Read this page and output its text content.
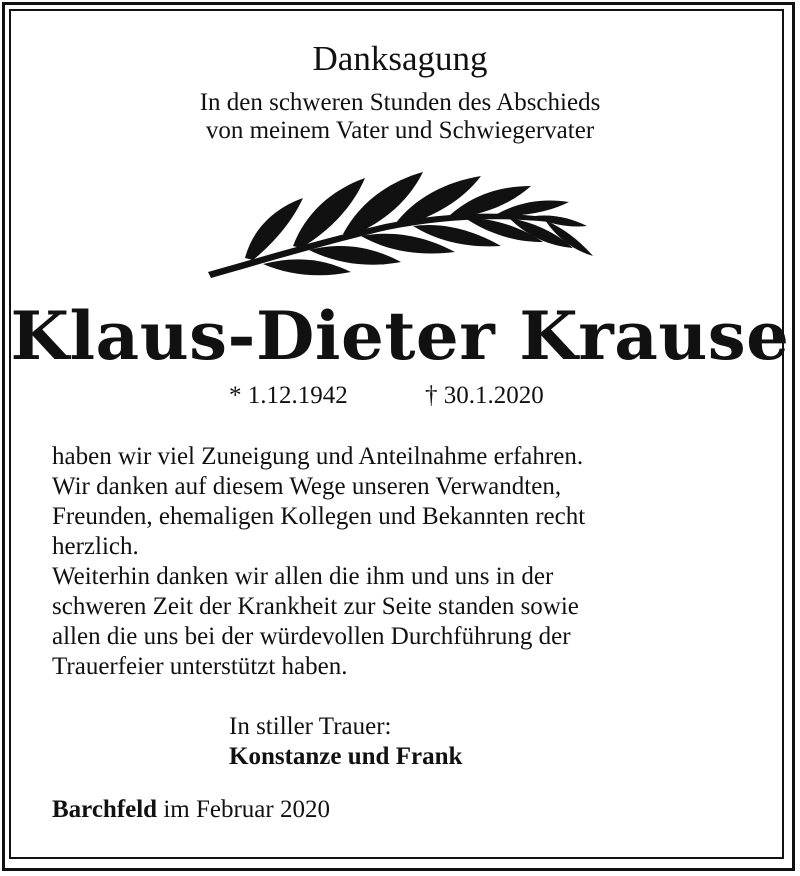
Danksagung
In den schweren Stunden des Abschieds
von meinem Vater und Schwiegervater
Klaus-Dieter Krause
* 1.12.1942	† 30.1.2020
haben wir viel Zuneigung und Anteilnahme erfahren.
Wir danken auf diesem Wege unseren Verwandten,
Freunden, ehemaligen Kollegen und Bekannten recht
herzlich.
Weiterhin danken wir allen die ihm und uns in der
schweren Zeit der Krankheit zur Seite standen sowie
allen die uns bei der würdevollen Durchführung der
Trauerfeier unterstützt haben.
In stiller Trauer:
Konstanze und Frank
Barchfeld im Februar 2020
